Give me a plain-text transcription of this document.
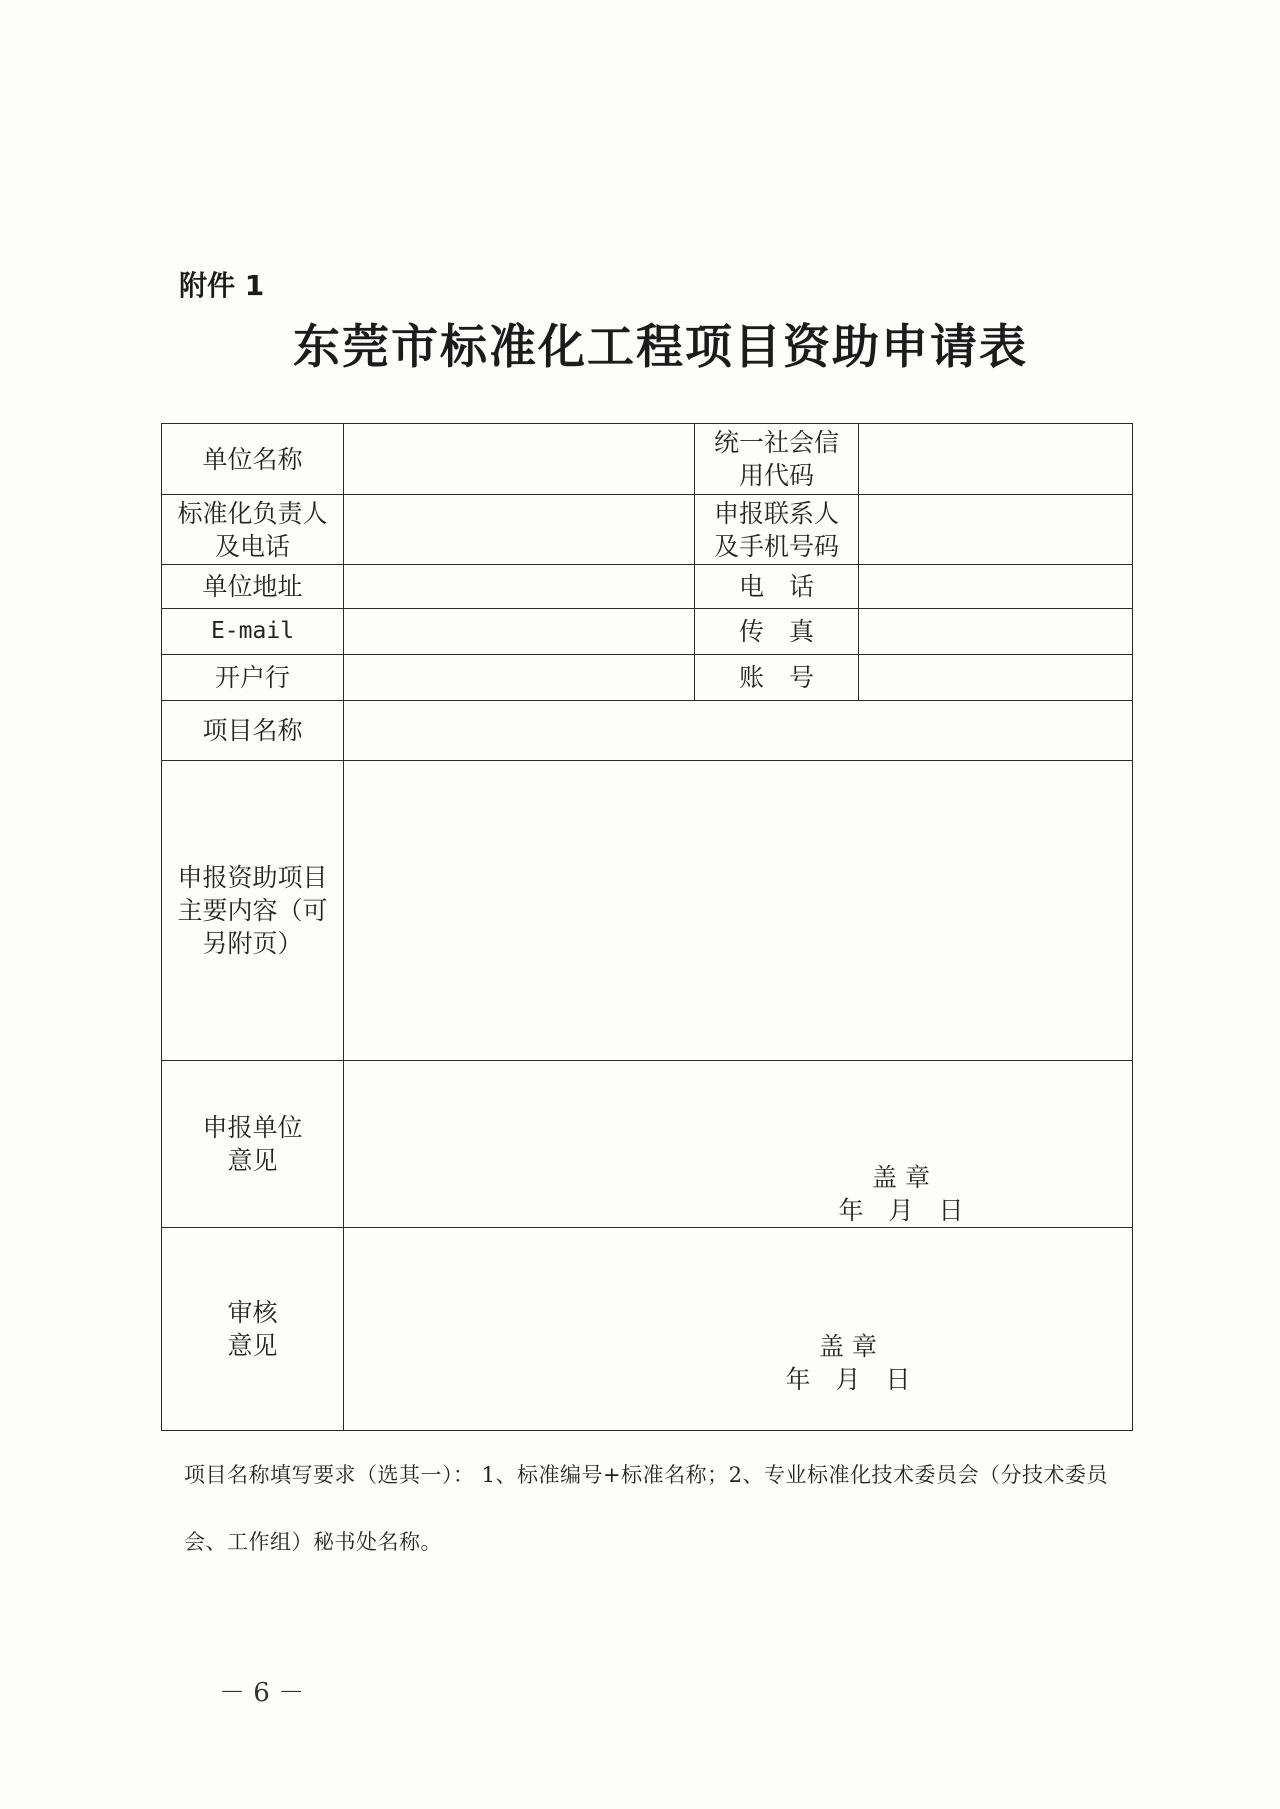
附件 1
东莞市标准化工程项目资助申请表
单位名称		统一社会信用代码	

标准化负责人及电话		申报联系人及手机号码	

单位地址		电　话	

E-mail		传　真	

开户行		账　号	

项目名称			

申报资助项目主要内容（可另附页）			

申报单位意见	盖 章
年　月　日		

审核意见	盖 章
年　月　日		

项目名称填写要求（选其一）： 1、标准编号+标准名称；2、专业标准化技术委员会（分技术委员会、工作组）秘书处名称。

－ 6 －
